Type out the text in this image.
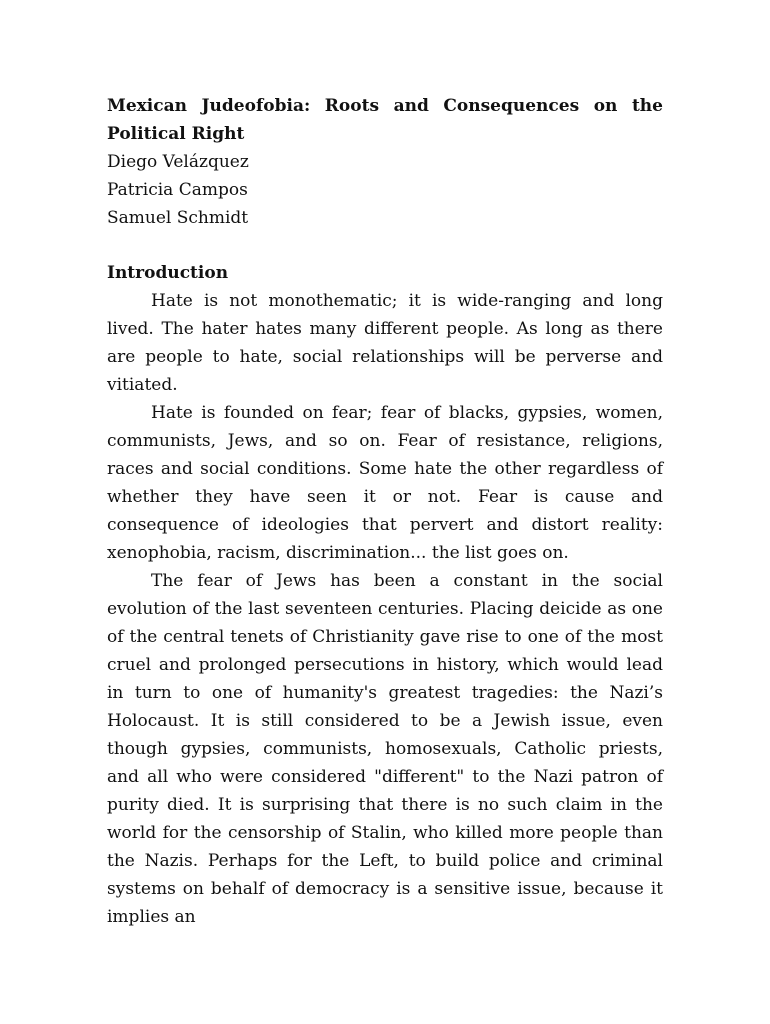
Mexican Judeofobia: Roots and Consequences on the Political Right

Diego Velázquez

Patricia Campos

Samuel Schmidt

Introduction

Hate is not monothematic; it is wide-ranging and long lived. The hater hates many different people. As long as there are people to hate, social relationships will be perverse and vitiated.

Hate is founded on fear; fear of blacks, gypsies, women, communists, Jews, and so on. Fear of resistance, religions, races and social conditions. Some hate the other regardless of whether they have seen it or not. Fear is cause and consequence of ideologies that pervert and distort reality: xenophobia, racism, discrimination... the list goes on.

The fear of Jews has been a constant in the social evolution of the last seventeen centuries. Placing deicide as one of the central tenets of Christianity gave rise to one of the most cruel and prolonged persecutions in history, which would lead in turn to one of humanity's greatest tragedies: the Nazi’s Holocaust. It is still considered to be a Jewish issue, even though gypsies, communists, homosexuals, Catholic priests, and all who were considered "different" to the Nazi patron of purity died. It is surprising that there is no such claim in the world for the censorship of Stalin, who killed more people than the Nazis. Perhaps for the Left, to build police and criminal systems on behalf of democracy is a sensitive issue, because it implies an
